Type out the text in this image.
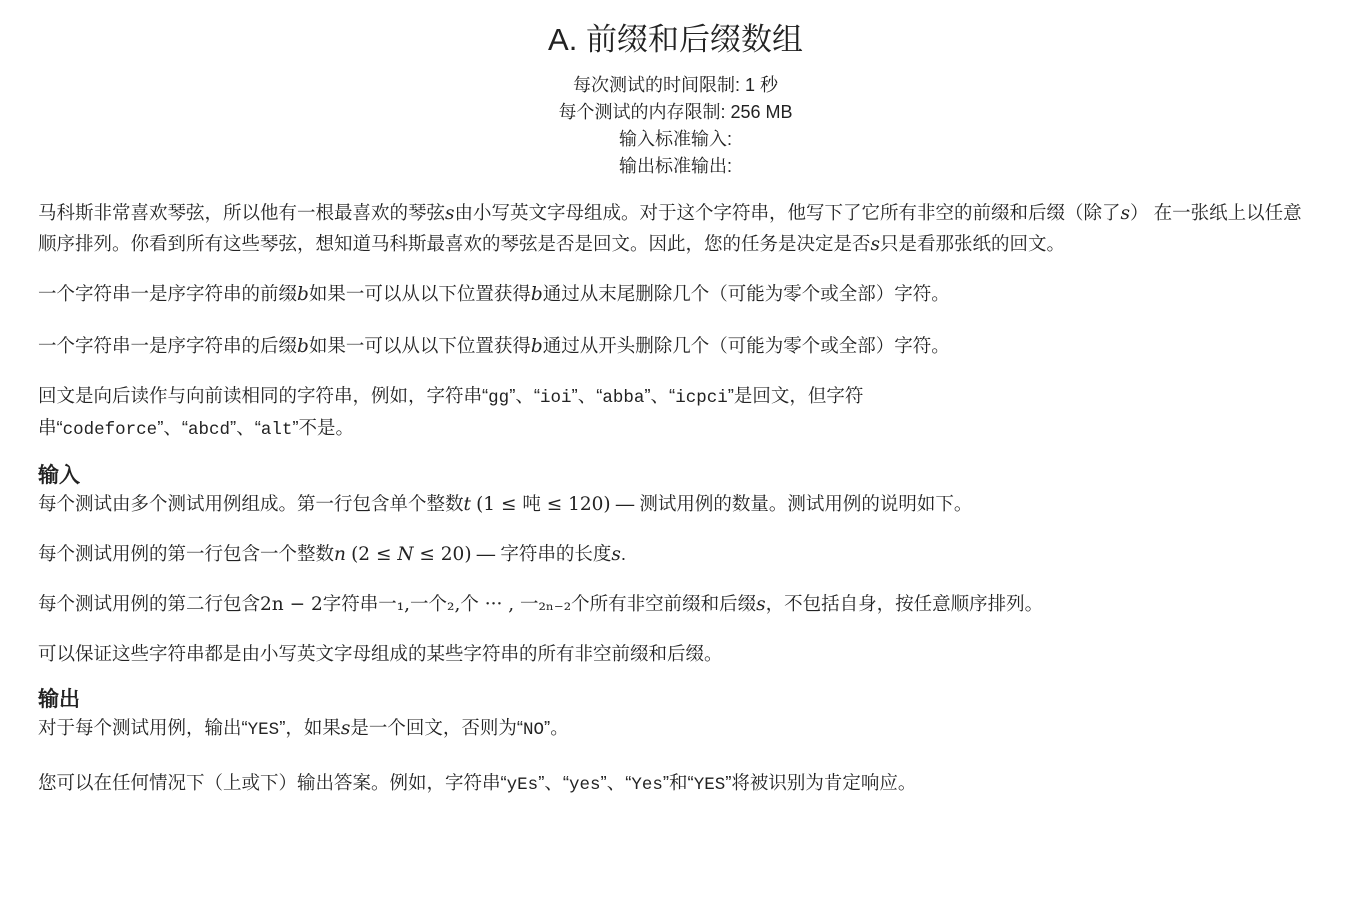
A. 前缀和后缀数组
每次测试的时间限制: 1 秒
每个测试的内存限制: 256 MB
输入标准输入:
输出标准输出:

马科斯非常喜欢琴弦，所以他有一根最喜欢的琴弦s由小写英文字母组成。对于这个字符串，他写下了它所有非空的前缀和后缀（除了s） 在一张纸上以任意顺序排列。你看到所有这些琴弦，想知道马科斯最喜欢的琴弦是否是回文。因此，您的任务是决定是否s只是看那张纸的回文。

一个字符串一是序字符串的前缀b如果一可以从以下位置获得b通过从末尾删除几个（可能为零个或全部）字符。

一个字符串一是序字符串的后缀b如果一可以从以下位置获得b通过从开头删除几个（可能为零个或全部）字符。

回文是向后读作与向前读相同的字符串，例如，字符串“gg”、“ioi”、“abba”、“icpci”是回文，但字符串“codeforce”、“abcd”、“alt”不是。

输入

每个测试由多个测试用例组成。第一行包含单个整数t (1 ≤ 吨 ≤ 120) — 测试用例的数量。测试用例的说明如下。

每个测试用例的第一行包含一个整数n (2 ≤ N ≤ 20) — 字符串的长度s.

每个测试用例的第二行包含2n − 2字符串一₁,一个₂,个 ··· , 一₂ₙ₋₂个所有非空前缀和后缀s，不包括自身，按任意顺序排列。

可以保证这些字符串都是由小写英文字母组成的某些字符串的所有非空前缀和后缀。

输出

对于每个测试用例，输出“YES”，如果s是一个回文，否则为“NO”。

您可以在任何情况下（上或下）输出答案。例如，字符串“yEs”、“yes”、“Yes”和“YES”将被识别为肯定响应。
